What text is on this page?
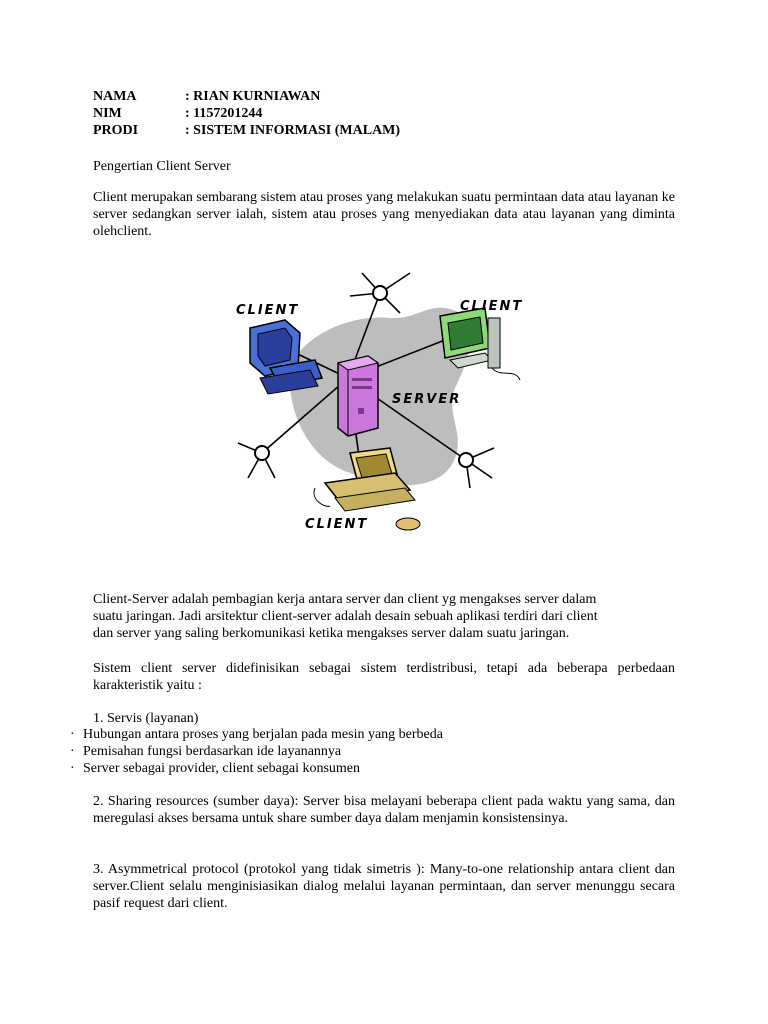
NAMA	: RIAN KURNIAWAN
NIM	: 1157201244
PRODI	: SISTEM INFORMASI (MALAM)

Pengertian Client Server

Client merupakan sembarang sistem atau proses yang melakukan suatu permintaan data atau layanan ke server sedangkan server ialah, sistem atau proses yang menyediakan data atau layanan yang diminta olehclient.

CLIENT	CLIENT
SERVER
CLIENT

Client-Server adalah pembagian kerja antara server dan client yg mengakses server dalam

suatu jaringan. Jadi arsitektur client-server adalah desain sebuah aplikasi terdiri dari client

dan server yang saling berkomunikasi ketika mengakses server dalam suatu jaringan.

Sistem client server didefinisikan sebagai sistem terdistribusi, tetapi ada beberapa perbedaan karakteristik yaitu :

1. Servis (layanan)

· Hubungan antara proses yang berjalan pada mesin yang berbeda
· Pemisahan fungsi berdasarkan ide layanannya
· Server sebagai provider, client sebagai konsumen

2. Sharing resources (sumber daya): Server bisa melayani beberapa client pada waktu yang sama, dan meregulasi akses bersama untuk share sumber daya dalam menjamin konsistensinya.

3. Asymmetrical protocol (protokol yang tidak simetris ): Many-to-one relationship antara client dan server.Client selalu menginisiasikan dialog melalui layanan permintaan, dan server menunggu secara pasif request dari client.
